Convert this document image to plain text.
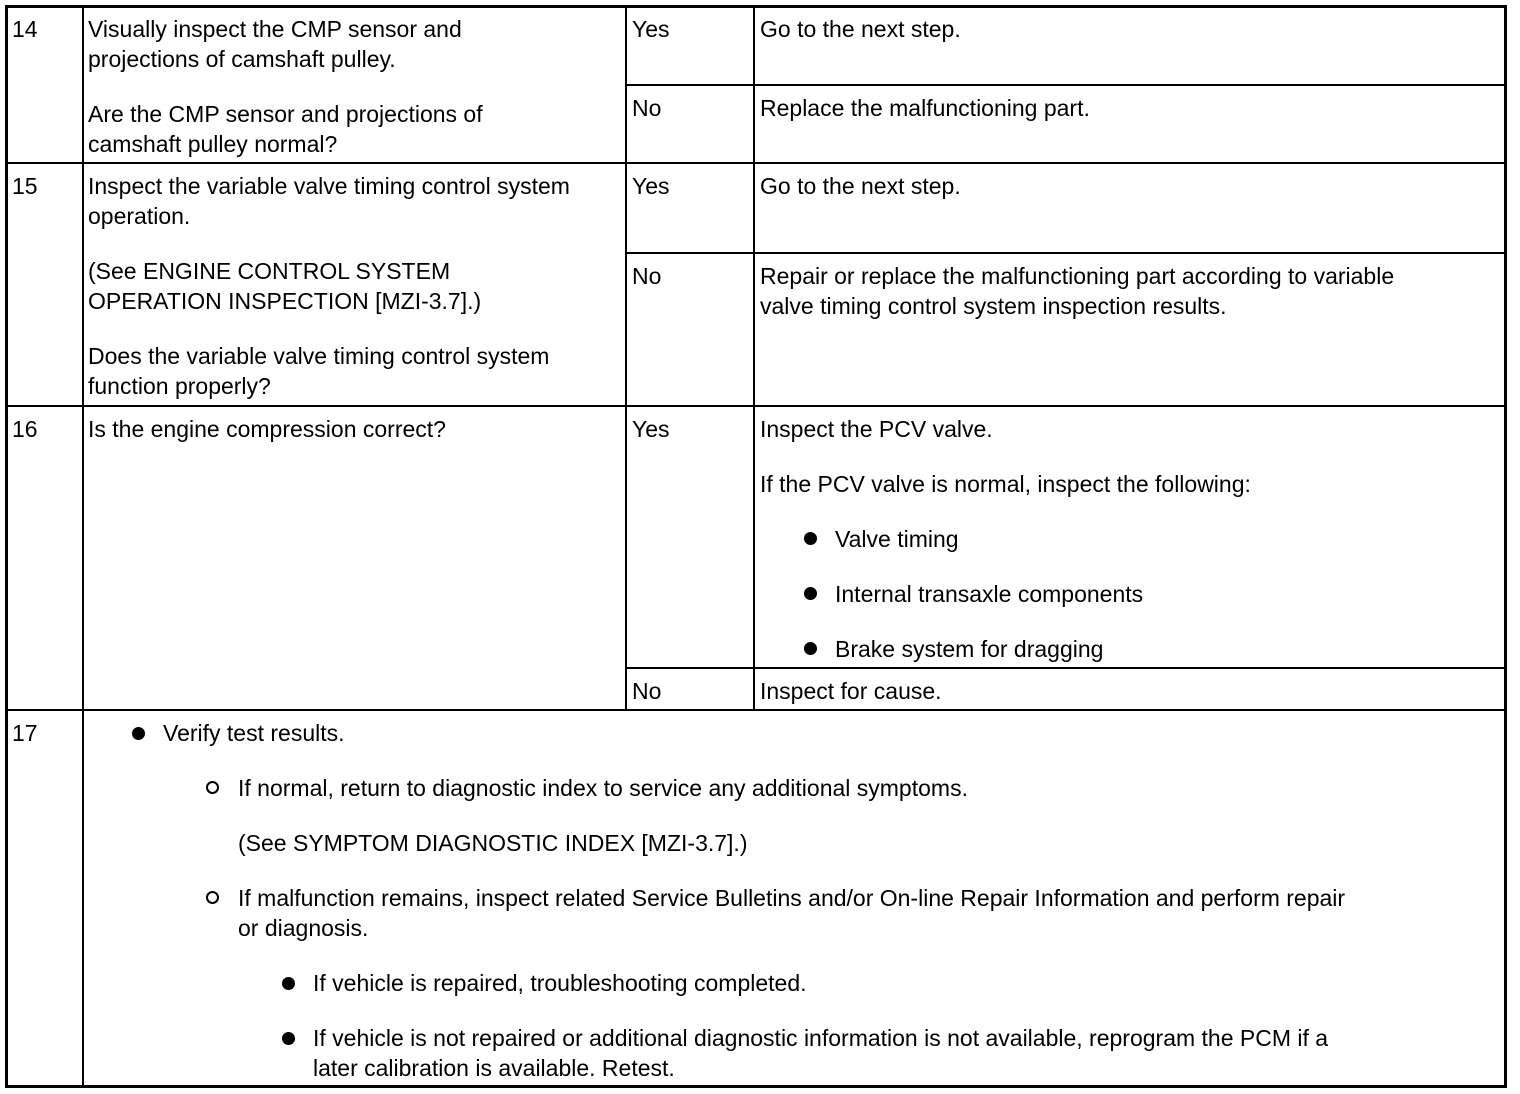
14 Visually inspect the CMP sensor and
projections of camshaft pulley.
Are the CMP sensor and projections of
camshaft pulley normal?
Yes	Go to the next step.
No	Replace the malfunctioning part.
15 Inspect the variable valve timing control system
operation.
(See ENGINE CONTROL SYSTEM
OPERATION INSPECTION [MZI-3.7].)
Does the variable valve timing control system
function properly?
Yes	Go to the next step.
No	Repair or replace the malfunctioning part according to variable
valve timing control system inspection results.
16 Is the engine compression correct?	Yes	Inspect the PCV valve.
If the PCV valve is normal, inspect the following:
Valve timing
Internal transaxle components
Brake system for dragging
No	Inspect for cause.
17	Verify test results.
If normal, return to diagnostic index to service any additional symptoms.
(See SYMPTOM DIAGNOSTIC INDEX [MZI-3.7].)
If malfunction remains, inspect related Service Bulletins and/or On-line Repair Information and perform repair
or diagnosis.
If vehicle is repaired, troubleshooting completed.
If vehicle is not repaired or additional diagnostic information is not available, reprogram the PCM if a
later calibration is available. Retest.
